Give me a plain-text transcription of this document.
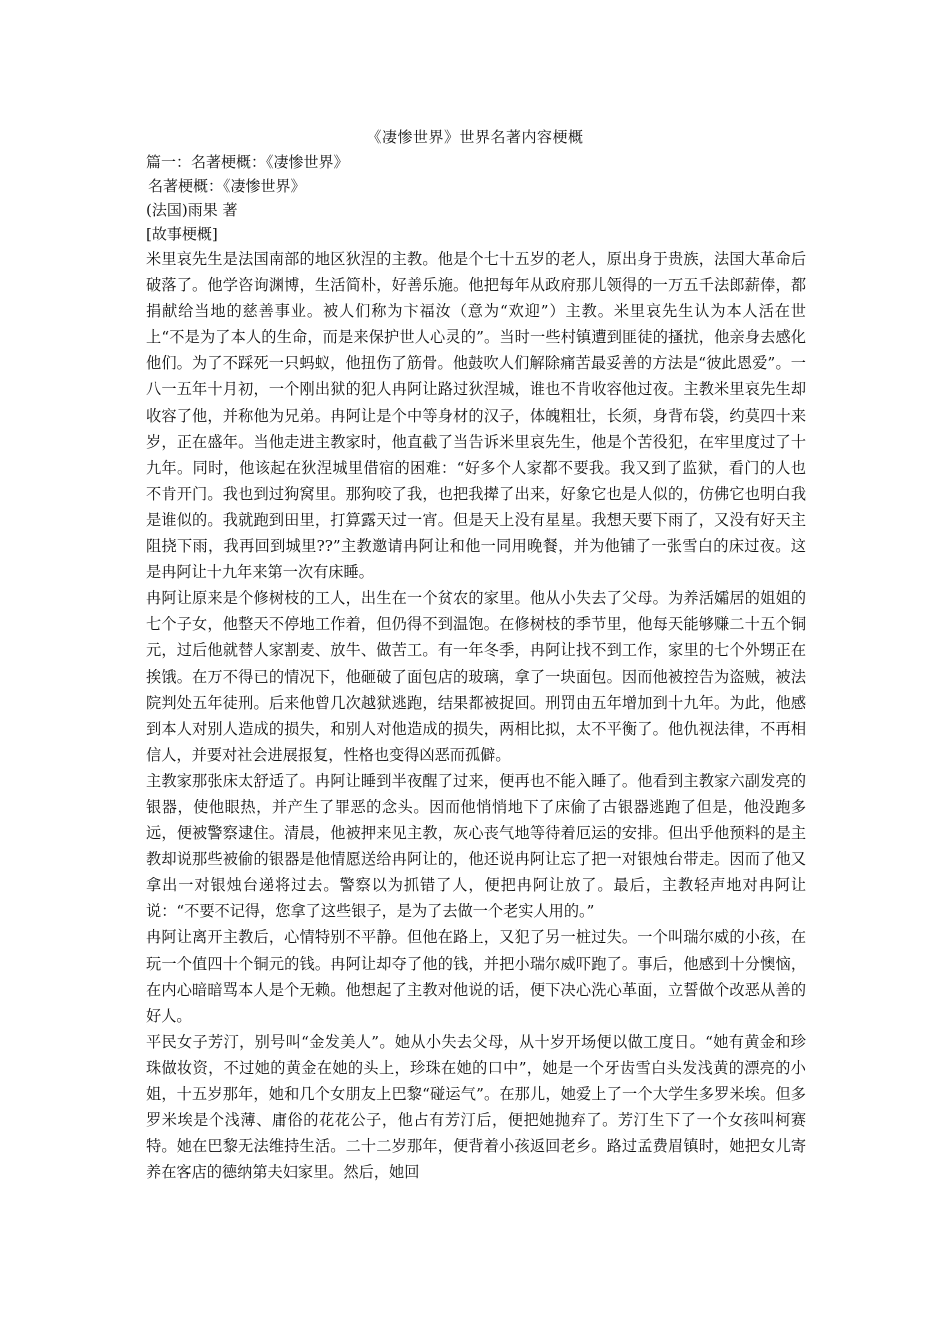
《凄惨世界》世界名著内容梗概
篇一：名著梗概：《凄惨世界》
名著梗概：《凄惨世界》
(法国)雨果 著
[故事梗概]

米里哀先生是法国南部的地区狄涅的主教。他是个七十五岁的老人，原出身于贵族，法国大革命后破落了。他学咨询渊博，生活简朴，好善乐施。他把每年从政府那儿领得的一万五千法郎薪俸，都捐献给当地的慈善事业。被人们称为卞福汝（意为“欢迎”）主教。米里哀先生认为本人活在世上“不是为了本人的生命，而是来保护世人心灵的”。当时一些村镇遭到匪徒的搔扰，他亲身去感化他们。为了不踩死一只蚂蚁，他扭伤了筋骨。他鼓吹人们解除痛苦最妥善的方法是“彼此恩爱”。一八一五年十月初，一个刚出狱的犯人冉阿让路过狄涅城，谁也不肯收容他过夜。主教米里哀先生却收容了他，并称他为兄弟。冉阿让是个中等身材的汉子，体魄粗壮，长须，身背布袋，约莫四十来岁，正在盛年。当他走进主教家时，他直截了当告诉米里哀先生，他是个苦役犯，在牢里度过了十九年。同时，他该起在狄涅城里借宿的困难：“好多个人家都不要我。我又到了监狱，看门的人也不肯开门。我也到过狗窝里。那狗咬了我，也把我撵了出来，好象它也是人似的，仿佛它也明白我是谁似的。我就跑到田里，打算露天过一宵。但是天上没有星星。我想天要下雨了，又没有好天主阻挠下雨，我再回到城里??”主教邀请冉阿让和他一同用晚餐，并为他铺了一张雪白的床过夜。这是冉阿让十九年来第一次有床睡。

冉阿让原来是个修树枝的工人，出生在一个贫农的家里。他从小失去了父母。为养活孀居的姐姐的七个子女，他整天不停地工作着，但仍得不到温饱。在修树枝的季节里，他每天能够赚二十五个铜元，过后他就替人家割麦、放牛、做苦工。有一年冬季，冉阿让找不到工作，家里的七个外甥正在挨饿。在万不得已的情况下，他砸破了面包店的玻璃，拿了一块面包。因而他被控告为盗贼，被法院判处五年徒刑。后来他曾几次越狱逃跑，结果都被捉回。刑罚由五年增加到十九年。为此，他感到本人对别人造成的损失，和别人对他造成的损失，两相比拟，太不平衡了。他仇视法律，不再相信人，并要对社会进展报复，性格也变得凶恶而孤僻。

主教家那张床太舒适了。冉阿让睡到半夜醒了过来，便再也不能入睡了。他看到主教家六副发亮的银器，使他眼热，并产生了罪恶的念头。因而他悄悄地下了床偷了古银器逃跑了但是，他没跑多远，便被警察逮住。清晨，他被押来见主教，灰心丧气地等待着厄运的安排。但出乎他预料的是主教却说那些被偷的银器是他情愿送给冉阿让的，他还说冉阿让忘了把一对银烛台带走。因而了他又拿出一对银烛台递将过去。警察以为抓错了人，便把冉阿让放了。最后，主教轻声地对冉阿让说：“不要不记得，您拿了这些银子，是为了去做一个老实人用的。”

冉阿让离开主教后，心情特别不平静。但他在路上，又犯了另一桩过失。一个叫瑞尔威的小孩，在玩一个值四十个铜元的钱。冉阿让却夺了他的钱，并把小瑞尔威吓跑了。事后，他感到十分懊恼，在内心暗暗骂本人是个无赖。他想起了主教对他说的话，便下决心洗心革面，立誓做个改恶从善的好人。

平民女子芳汀，别号叫“金发美人”。她从小失去父母，从十岁开场便以做工度日。“她有黄金和珍珠做妆资，不过她的黄金在她的头上，珍珠在她的口中”，她是一个牙齿雪白头发浅黄的漂亮的小姐，十五岁那年，她和几个女朋友上巴黎“碰运气”。在那儿，她爱上了一个大学生多罗米埃。但多罗米埃是个浅薄、庸俗的花花公子，他占有芳汀后，便把她抛弃了。芳汀生下了一个女孩叫柯赛特。她在巴黎无法维持生活。二十二岁那年，便背着小孩返回老乡。路过孟费眉镇时，她把女儿寄养在客店的德纳第夫妇家里。然后，她回
